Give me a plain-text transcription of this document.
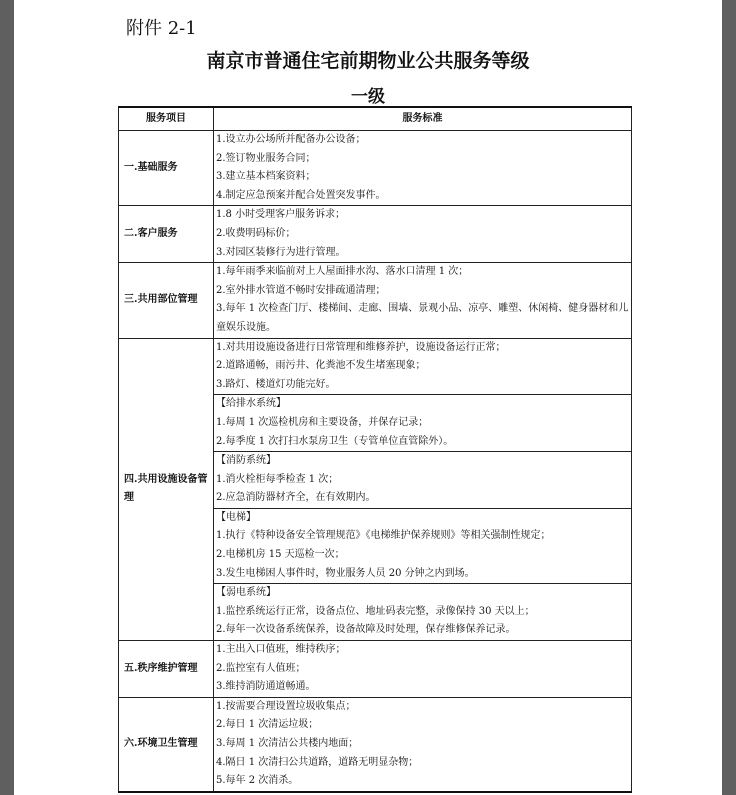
附件 2-1
南京市普通住宅前期物业公共服务等级
一级
服务项目	服务标准
一.基础服务	1.设立办公场所并配备办公设备；
2.签订物业服务合同；
3.建立基本档案资料；
4.制定应急预案并配合处置突发事件。

二.客户服务	1.8 小时受理客户服务诉求；
2.收费明码标价；
3.对园区装修行为进行管理。

三.共用部位管理	1.每年雨季来临前对上人屋面排水沟、落水口清理 1 次；
2.室外排水管道不畅时安排疏通清理；
3.每年 1 次检查门厅、楼梯间、走廊、围墙、景观小品、凉亭、雕塑、休闲椅、健身器材和儿童娱乐设施。

四.共用设施设备管理	1.对共用设施设备进行日常管理和维修养护，设施设备运行正常；
2.道路通畅，雨污井、化粪池不发生堵塞现象；
3.路灯、楼道灯功能完好。

	【给排水系统】
1.每周 1 次巡检机房和主要设备，并保存记录；
2.每季度 1 次打扫水泵房卫生（专管单位直管除外）。

	【消防系统】
1.消火栓柜每季检查 1 次；
2.应急消防器材齐全，在有效期内。

	【电梯】
1.执行《特种设备安全管理规范》《电梯维护保养规则》等相关强制性规定；
2.电梯机房 15 天巡检一次；
3.发生电梯困人事件时，物业服务人员 20 分钟之内到场。

	【弱电系统】
1.监控系统运行正常，设备点位、地址码表完整，录像保持 30 天以上；
2.每年一次设备系统保养，设备故障及时处理，保存维修保养记录。

五.秩序维护管理	1.主出入口值班，维持秩序；
2.监控室有人值班；
3.维持消防通道畅通。

六.环境卫生管理	1.按需要合理设置垃圾收集点；
2.每日 1 次清运垃圾；
3.每周 1 次清洁公共楼内地面；
4.隔日 1 次清扫公共道路，道路无明显杂物；
5.每年 2 次消杀。
